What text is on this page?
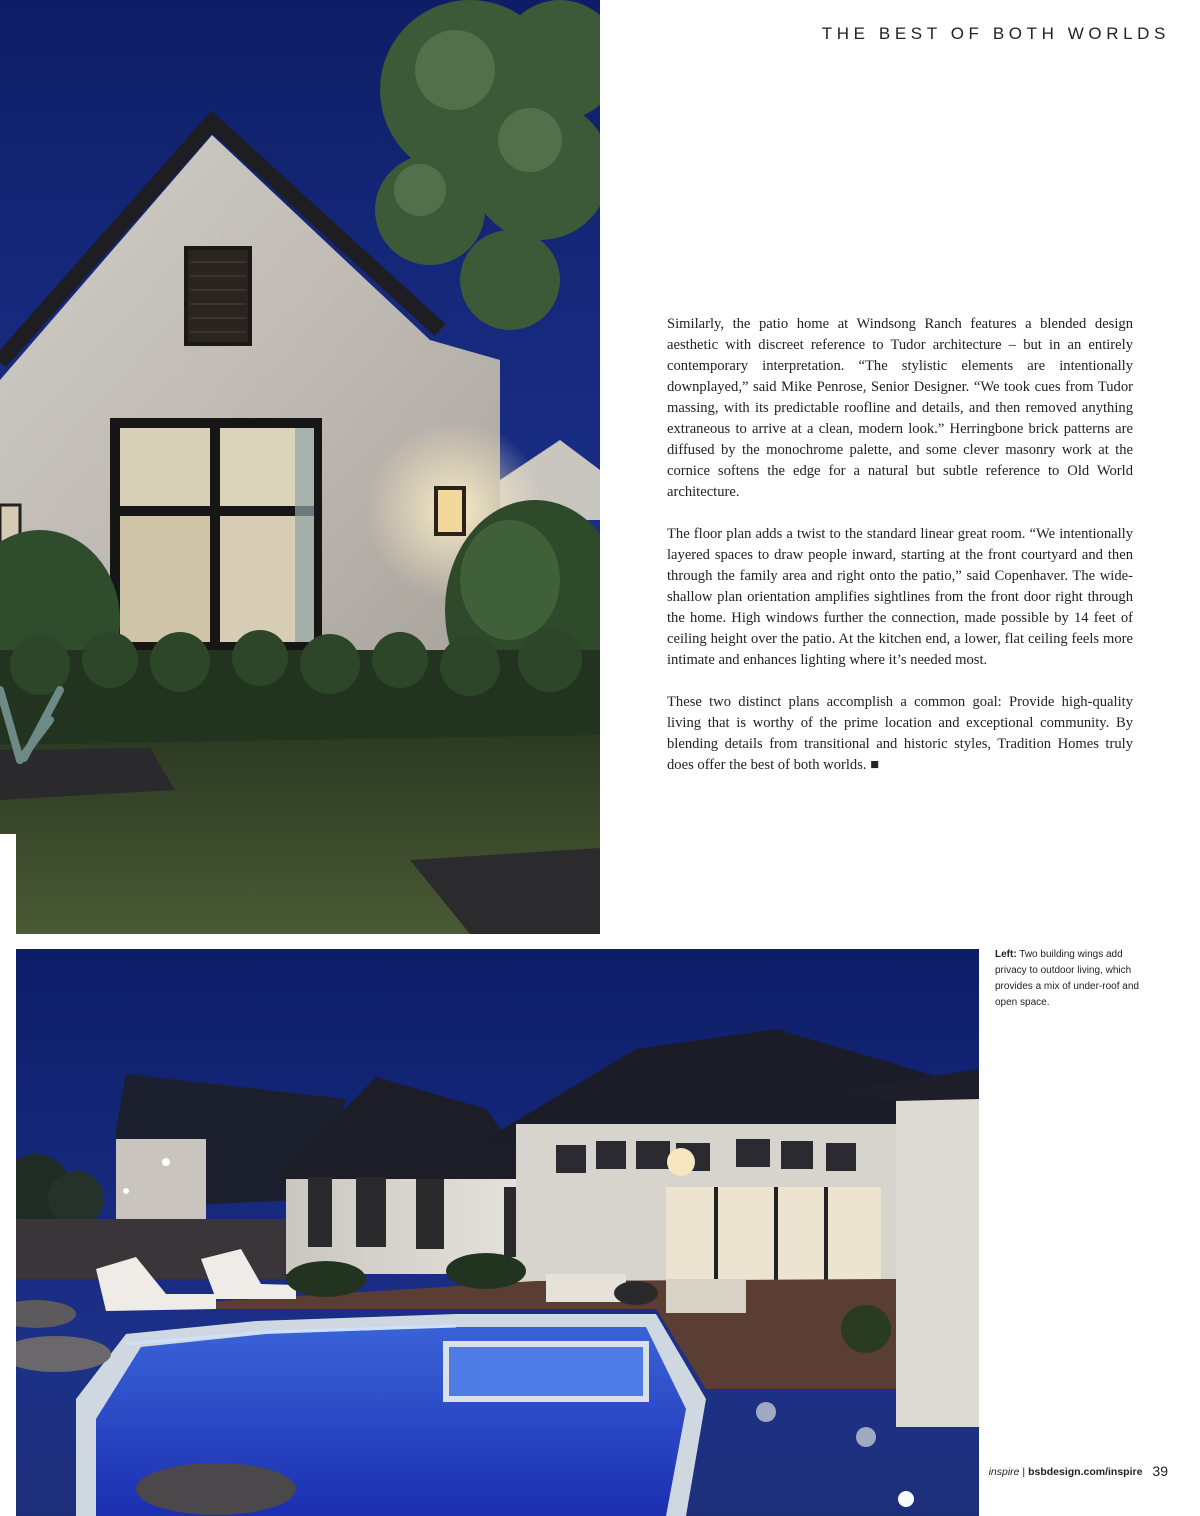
THE BEST OF BOTH WORLDS

Similarly, the patio home at Windsong Ranch features a blended design aesthetic with discreet reference to Tudor architecture – but in an entirely contemporary interpretation. “The stylistic elements are intentionally downplayed,” said Mike Penrose, Senior Designer. “We took cues from Tudor massing, with its predictable roofline and details, and then removed anything extraneous to arrive at a clean, modern look.” Herringbone brick patterns are diffused by the monochrome palette, and some clever masonry work at the cornice softens the edge for a natural but subtle reference to Old World architecture.

The floor plan adds a twist to the standard linear great room. “We intentionally layered spaces to draw people inward, starting at the front courtyard and then through the family area and right onto the patio,” said Copenhaver. The wide-shallow plan orientation amplifies sightlines from the front door right through the home. High windows further the connection, made possible by 14 feet of ceiling height over the patio. At the kitchen end, a lower, flat ceiling feels more intimate and enhances lighting where it’s needed most.

These two distinct plans accomplish a common goal: Provide high-quality living that is worthy of the prime location and exceptional community. By blending details from transitional and historic styles, Tradition Homes truly does offer the best of both worlds. ■

Left: Two building wings add privacy to outdoor living, which provides a mix of under-roof and open space.
inspire | bsbdesign.com/inspire 39
